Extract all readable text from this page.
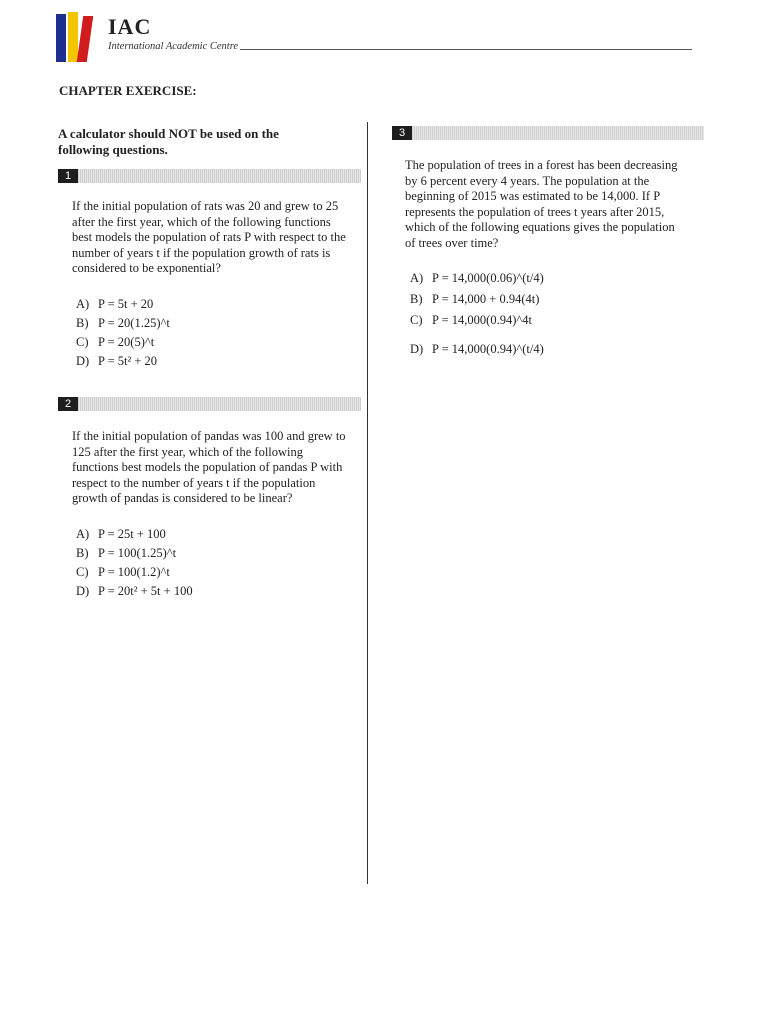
IAC
International Academic Centre
CHAPTER EXERCISE:
A calculator should NOT be used on the following questions.
1
If the initial population of rats was 20 and grew to 25 after the first year, which of the following functions best models the population of rats P with respect to the number of years t if the population growth of rats is considered to be exponential?
A) P = 5t + 20
B) P = 20(1.25)^t
C) P = 20(5)^t
D) P = 5t² + 20
2
If the initial population of pandas was 100 and grew to 125 after the first year, which of the following functions best models the population of pandas P with respect to the number of years t if the population growth of pandas is considered to be linear?
A) P = 25t + 100
B) P = 100(1.25)^t
C) P = 100(1.2)^t
D) P = 20t² + 5t + 100
3
The population of trees in a forest has been decreasing by 6 percent every 4 years. The population at the beginning of 2015 was estimated to be 14,000. If P represents the population of trees t years after 2015, which of the following equations gives the population of trees over time?
A) P = 14,000(0.06)^(t/4)
B) P = 14,000 + 0.94(4t)
C) P = 14,000(0.94)^4t
D) P = 14,000(0.94)^(t/4)
